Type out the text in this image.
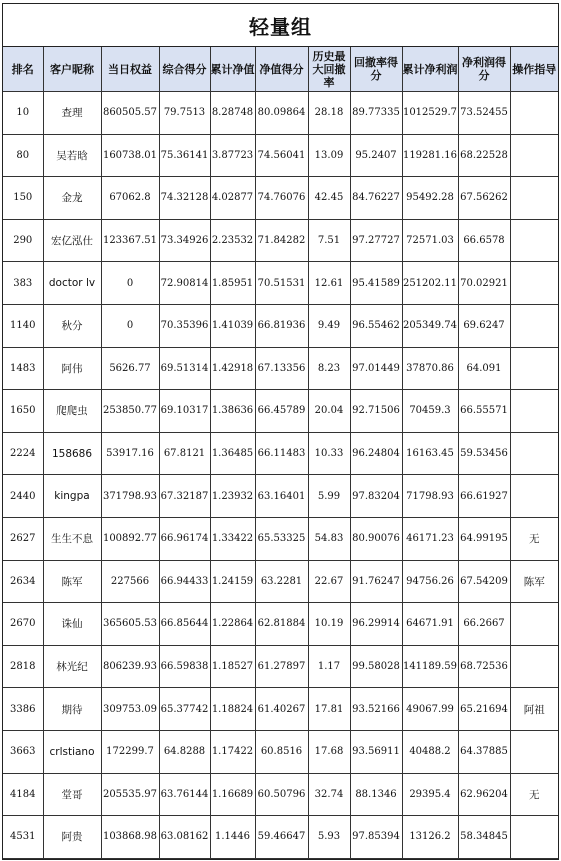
轻量组
排名	客户昵称	当日权益	综合得分	累计净值	净值得分	历史最大回撤率	回撤率得分	累计净利润	净利润得分	操作指导
10	查理	860505.57	79.7513	8.28748	80.09864	28.18	89.77335	1012529.7	73.52455	
80	吴若晗	160738.01	75.36141	3.87723	74.56041	13.09	95.2407	119281.16	68.22528	
150	金龙	67062.8	74.32128	4.02877	74.76076	42.45	84.76227	95492.28	67.56262	
290	宏亿泓仕	123367.51	73.34926	2.23532	71.84282	7.51	97.27727	72571.03	66.6578	
383	doctor lv	0	72.90814	1.85951	70.51531	12.61	95.41589	251202.11	70.02921	
1140	秋分	0	70.35396	1.41039	66.81936	9.49	96.55462	205349.74	69.6247	
1483	阿伟	5626.77	69.51314	1.42918	67.13356	8.23	97.01449	37870.86	64.091	
1650	爬爬虫	253850.77	69.10317	1.38636	66.45789	20.04	92.71506	70459.3	66.55571	
2224	158686	53917.16	67.8121	1.36485	66.11483	10.33	96.24804	16163.45	59.53456	
2440	kingpa	371798.93	67.32187	1.23932	63.16401	5.99	97.83204	71798.93	66.61927	
2627	生生不息	100892.77	66.96174	1.33422	65.53325	54.83	80.90076	46171.23	64.99195	无
2634	陈军	227566	66.94433	1.24159	63.2281	22.67	91.76247	94756.26	67.54209	陈军
2670	诛仙	365605.53	66.85644	1.22864	62.81884	10.19	96.29914	64671.91	66.2667	
2818	林光纪	806239.93	66.59838	1.18527	61.27897	1.17	99.58028	141189.59	68.72536	
3386	期待	309753.09	65.37742	1.18824	61.40267	17.81	93.52166	49067.99	65.21694	阿祖
3663	crlstiano	172299.7	64.8288	1.17422	60.8516	17.68	93.56911	40488.2	64.37885	
4184	堂哥	205535.97	63.76144	1.16689	60.50796	32.74	88.1346	29395.4	62.96204	无
4531	阿贵	103868.98	63.08162	1.1446	59.46647	5.93	97.85394	13126.2	58.34845	
